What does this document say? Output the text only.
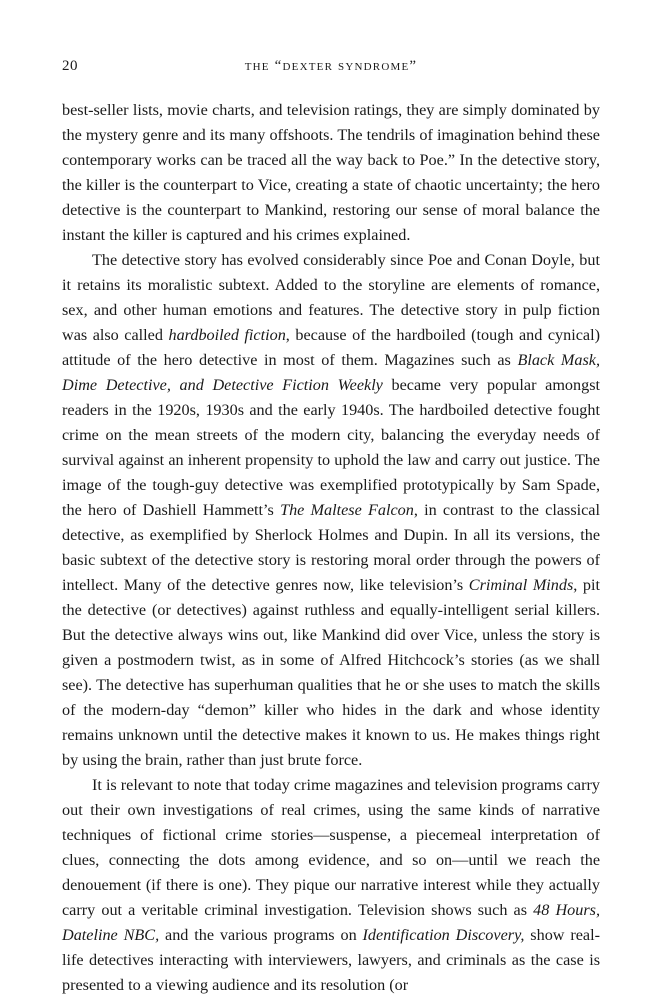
20	the “dexter syndrome”

best-seller lists, movie charts, and television ratings, they are simply dominated by the mystery genre and its many offshoots. The tendrils of imagination behind these contemporary works can be traced all the way back to Poe.” In the detective story, the killer is the counterpart to Vice, creating a state of chaotic uncertainty; the hero detective is the counterpart to Mankind, restoring our sense of moral balance the instant the killer is captured and his crimes explained.

The detective story has evolved considerably since Poe and Conan Doyle, but it retains its moralistic subtext. Added to the storyline are elements of romance, sex, and other human emotions and features. The detective story in pulp fiction was also called hardboiled fiction, because of the hardboiled (tough and cynical) attitude of the hero detective in most of them. Magazines such as Black Mask, Dime Detective, and Detective Fiction Weekly became very popular amongst readers in the 1920s, 1930s and the early 1940s. The hardboiled detective fought crime on the mean streets of the modern city, balancing the everyday needs of survival against an inherent propensity to uphold the law and carry out justice. The image of the tough-guy detective was exemplified prototypically by Sam Spade, the hero of Dashiell Hammett’s The Maltese Falcon, in contrast to the classical detective, as exemplified by Sherlock Holmes and Dupin. In all its versions, the basic subtext of the detective story is restoring moral order through the powers of intellect. Many of the detective genres now, like television’s Criminal Minds, pit the detective (or detectives) against ruthless and equally-intelligent serial killers. But the detective always wins out, like Mankind did over Vice, unless the story is given a postmodern twist, as in some of Alfred Hitchcock’s stories (as we shall see). The detective has superhuman qualities that he or she uses to match the skills of the modern-day “demon” killer who hides in the dark and whose identity remains unknown until the detective makes it known to us. He makes things right by using the brain, rather than just brute force.

It is relevant to note that today crime magazines and television programs carry out their own investigations of real crimes, using the same kinds of narrative techniques of fictional crime stories—suspense, a piecemeal interpretation of clues, connecting the dots among evidence, and so on—until we reach the denouement (if there is one). They pique our narrative interest while they actually carry out a veritable criminal investigation. Television shows such as 48 Hours, Dateline NBC, and the various programs on Identification Discovery, show real-life detectives interacting with interviewers, lawyers, and criminals as the case is presented to a viewing audience and its resolution (or
